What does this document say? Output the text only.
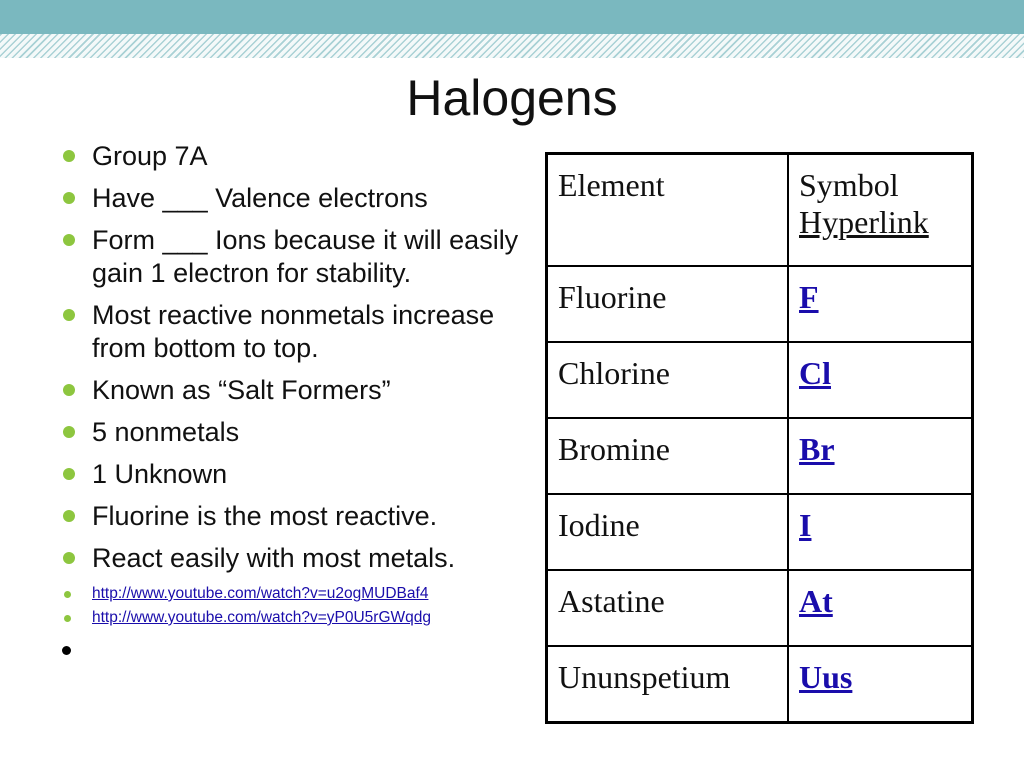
Halogens
Group 7A
Have ___ Valence electrons
Form ___ Ions because it will easily gain 1 electron for stability.
Most reactive nonmetals increase from bottom to top.
Known as “Salt Formers”
5 nonmetals
1 Unknown
Fluorine is the most reactive.
React easily with most metals.
http://www.youtube.com/watch?v=u2ogMUDBaf4
http://www.youtube.com/watch?v=yP0U5rGWqdg
Element	Symbol
Hyperlink

Fluorine	F
Chlorine	Cl
Bromine	Br
Iodine	I
Astatine	At
Ununspetium	Uus
